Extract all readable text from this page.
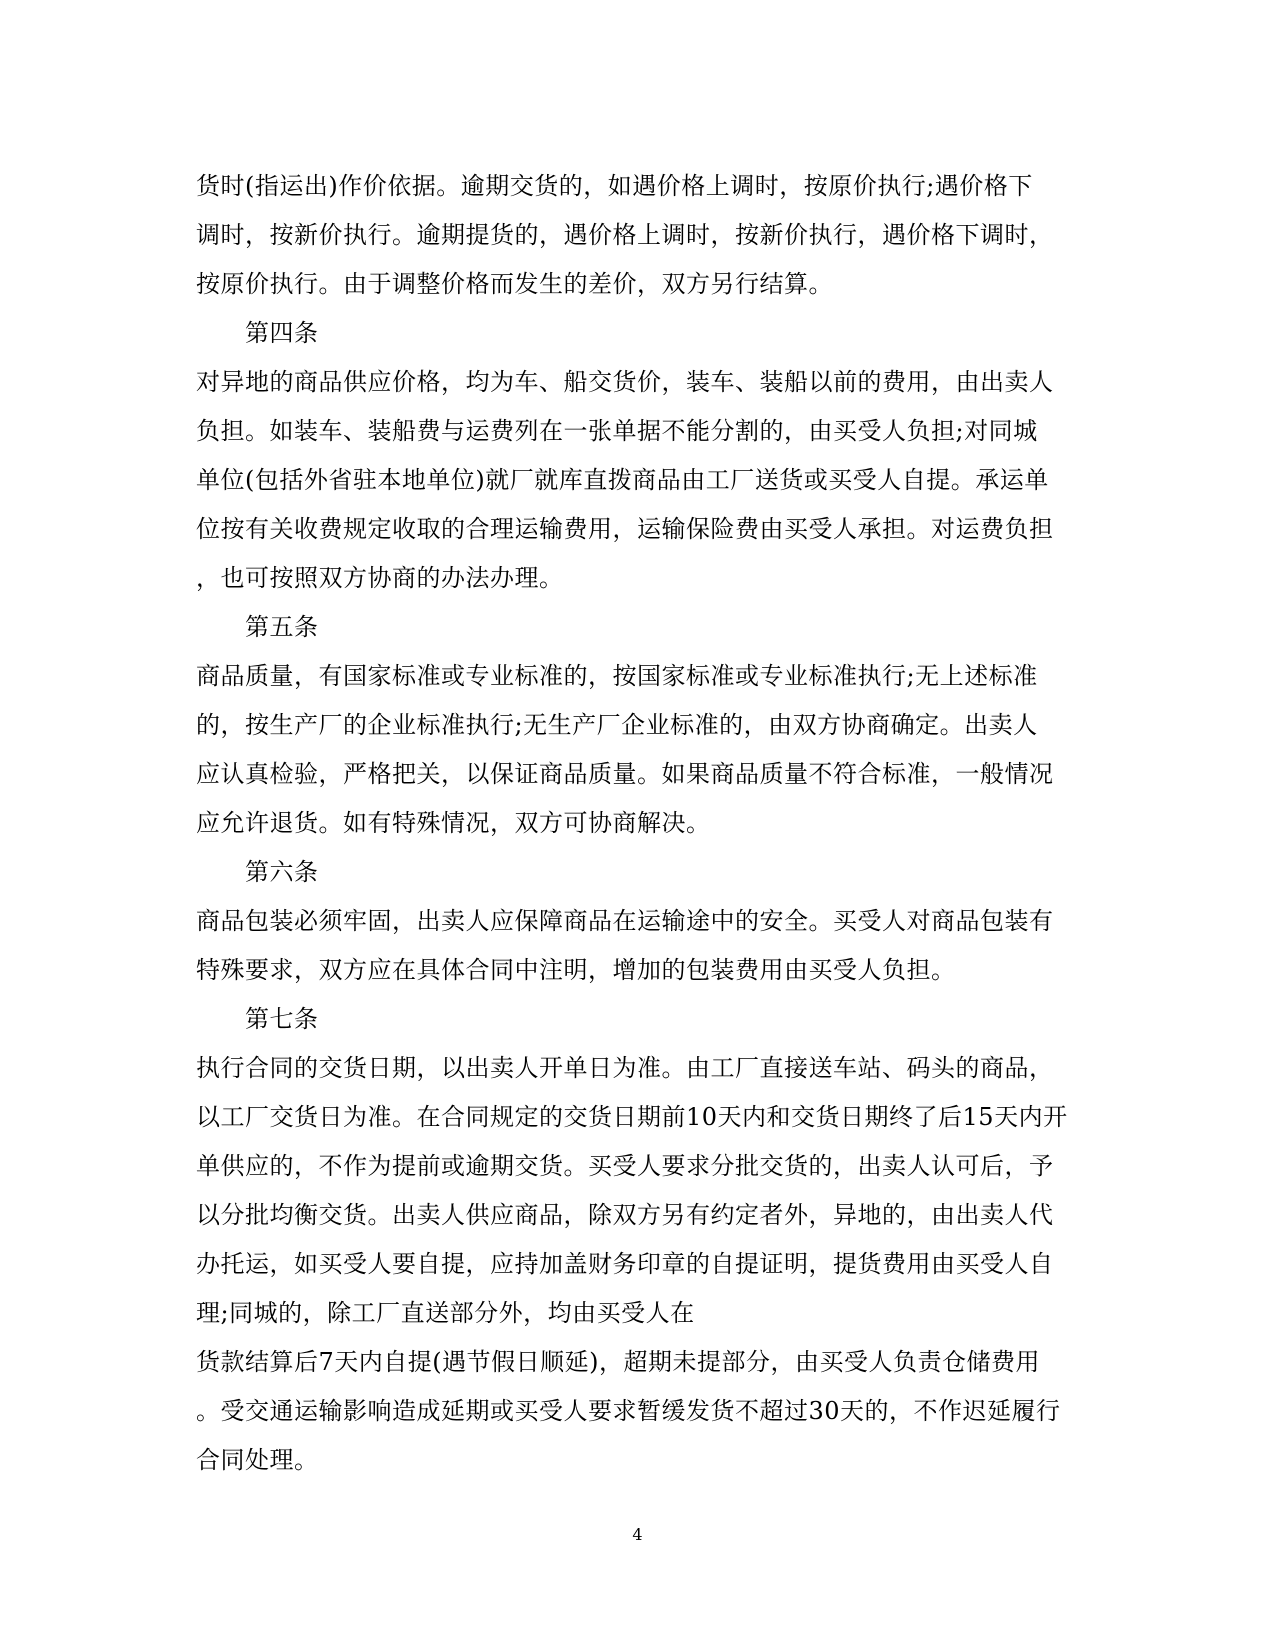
货时(指运出)作价依据。逾期交货的，如遇价格上调时，按原价执行;遇价格下
调时，按新价执行。逾期提货的，遇价格上调时，按新价执行，遇价格下调时，
按原价执行。由于调整价格而发生的差价，双方另行结算。
第四条
对异地的商品供应价格，均为车、船交货价，装车、装船以前的费用，由出卖人
负担。如装车、装船费与运费列在一张单据不能分割的，由买受人负担;对同城
单位(包括外省驻本地单位)就厂就库直拨商品由工厂送货或买受人自提。承运单
位按有关收费规定收取的合理运输费用，运输保险费由买受人承担。对运费负担
，也可按照双方协商的办法办理。
第五条
商品质量，有国家标准或专业标准的，按国家标准或专业标准执行;无上述标准
的，按生产厂的企业标准执行;无生产厂企业标准的，由双方协商确定。出卖人
应认真检验，严格把关，以保证商品质量。如果商品质量不符合标准，一般情况
应允许退货。如有特殊情况，双方可协商解决。
第六条
商品包装必须牢固，出卖人应保障商品在运输途中的安全。买受人对商品包装有
特殊要求，双方应在具体合同中注明，增加的包装费用由买受人负担。
第七条
执行合同的交货日期，以出卖人开单日为准。由工厂直接送车站、码头的商品，
以工厂交货日为准。在合同规定的交货日期前10天内和交货日期终了后15天内开
单供应的，不作为提前或逾期交货。买受人要求分批交货的，出卖人认可后，予
以分批均衡交货。出卖人供应商品，除双方另有约定者外，异地的，由出卖人代
办托运，如买受人要自提，应持加盖财务印章的自提证明，提货费用由买受人自
理;同城的，除工厂直送部分外，均由买受人在
货款结算后7天内自提(遇节假日顺延)，超期未提部分，由买受人负责仓储费用
。受交通运输影响造成延期或买受人要求暂缓发货不超过30天的，不作迟延履行
合同处理。
4
